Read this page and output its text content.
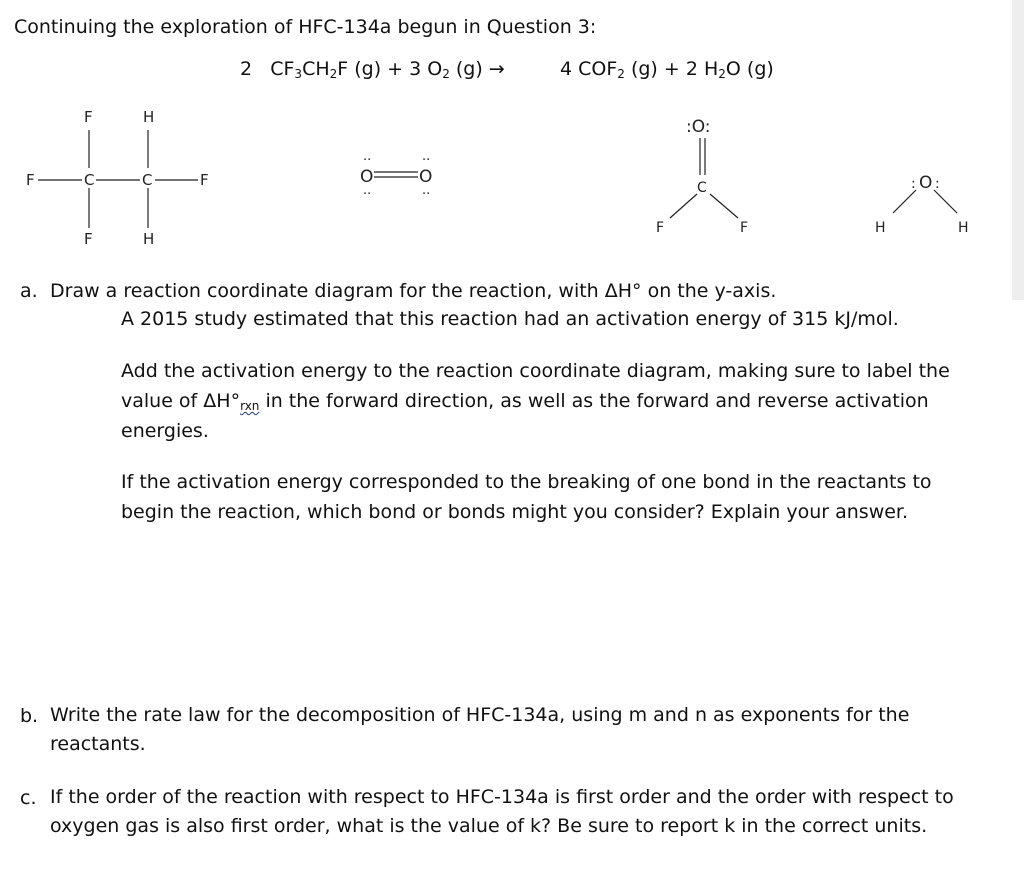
Continuing the exploration of HFC-134a begun in Question 3:
2 $CF_3CH_2F$ (g) + 3 $O_2$ (g) →	4 $COF_2$ (g) + 2 $H_2O$ (g)
F	H
F	C	C	F
F	H
O	O
..	..
..	..
:O:
C
F	F
: O :
H	H
a. Draw a reaction coordinate diagram for the reaction, with ΔH° on the y-axis.
A 2015 study estimated that this reaction had an activation energy of 315 kJ/mol.
Add the activation energy to the reaction coordinate diagram, making sure to label the value of $\Delta H^\circ_{rxn}$ in the forward direction, as well as the forward and reverse activation energies.
If the activation energy corresponded to the breaking of one bond in the reactants to begin the reaction, which bond or bonds might you consider? Explain your answer.
b. Write the rate law for the decomposition of HFC-134a, using m and n as exponents for the reactants.
c. If the order of the reaction with respect to HFC-134a is first order and the order with respect to oxygen gas is also first order, what is the value of k? Be sure to report k in the correct units.
